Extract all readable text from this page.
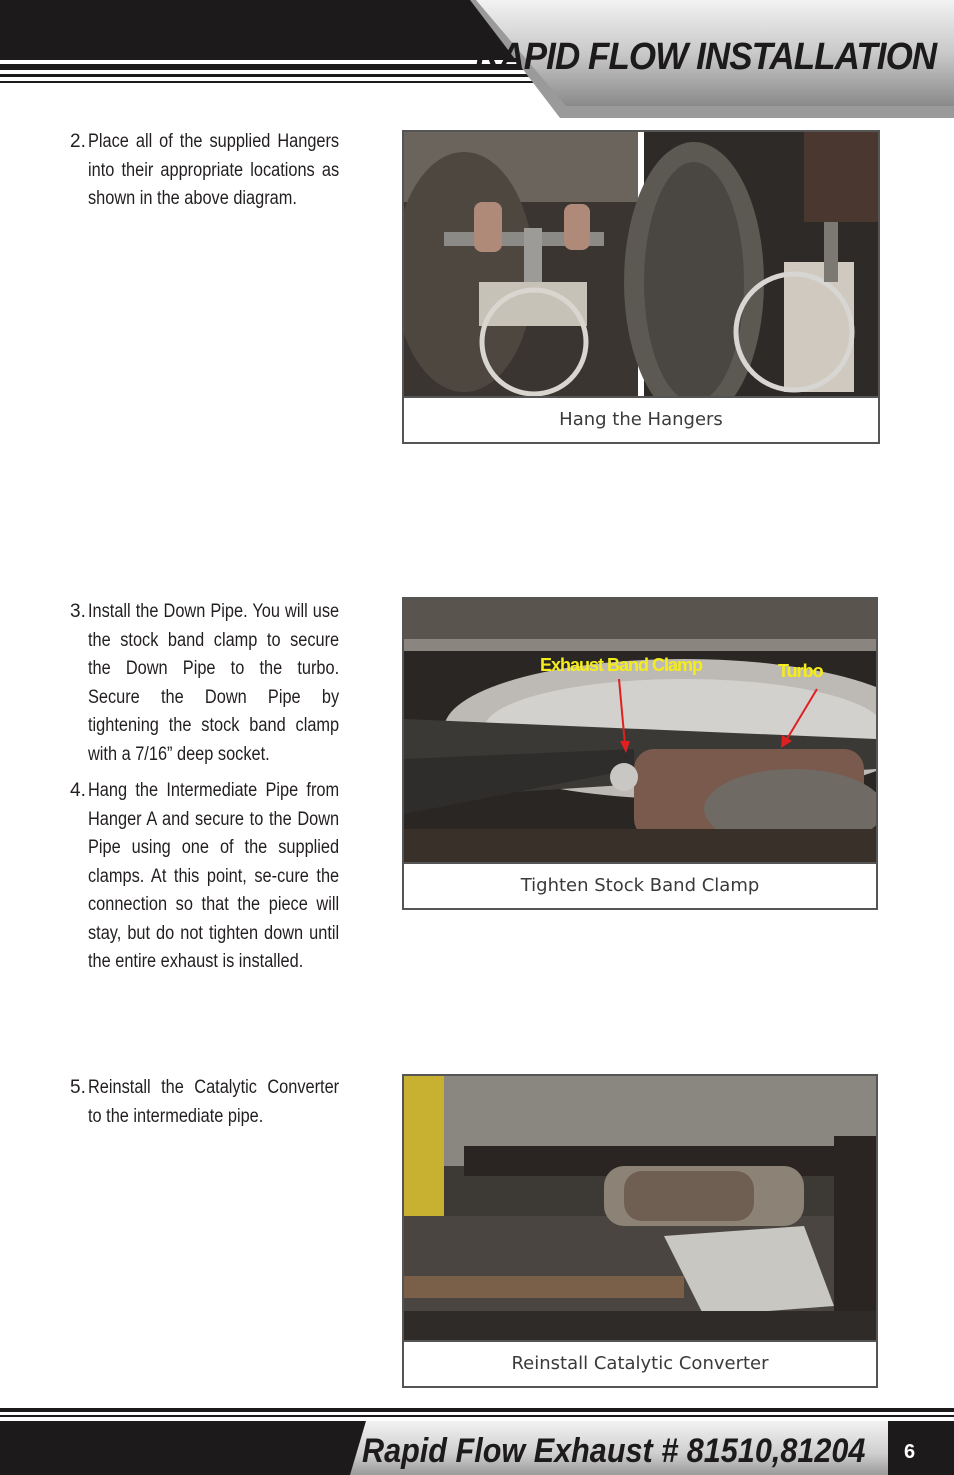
RAPID FLOW INSTALLATION

2. Place all of the supplied Hangers into their appropriate locations as shown in the above diagram.

3. Install the Down Pipe. You will use the stock band clamp to secure the Down Pipe to the turbo. Secure the Down Pipe by tightening the stock band clamp with a 7/16” deep socket.

4. Hang the Intermediate Pipe from Hanger A and secure to the Down Pipe using one of the supplied clamps. At this point, se-cure the connection so that the piece will stay, but do not tighten down until the entire exhaust is installed.

5. Reinstall the Catalytic Converter to the intermediate pipe.

Hang the Hangers
Exhaust Band Clamp	Turbo
Tighten Stock Band Clamp
Reinstall Catalytic Converter
Rapid Flow Exhaust # 81510,81204 6
